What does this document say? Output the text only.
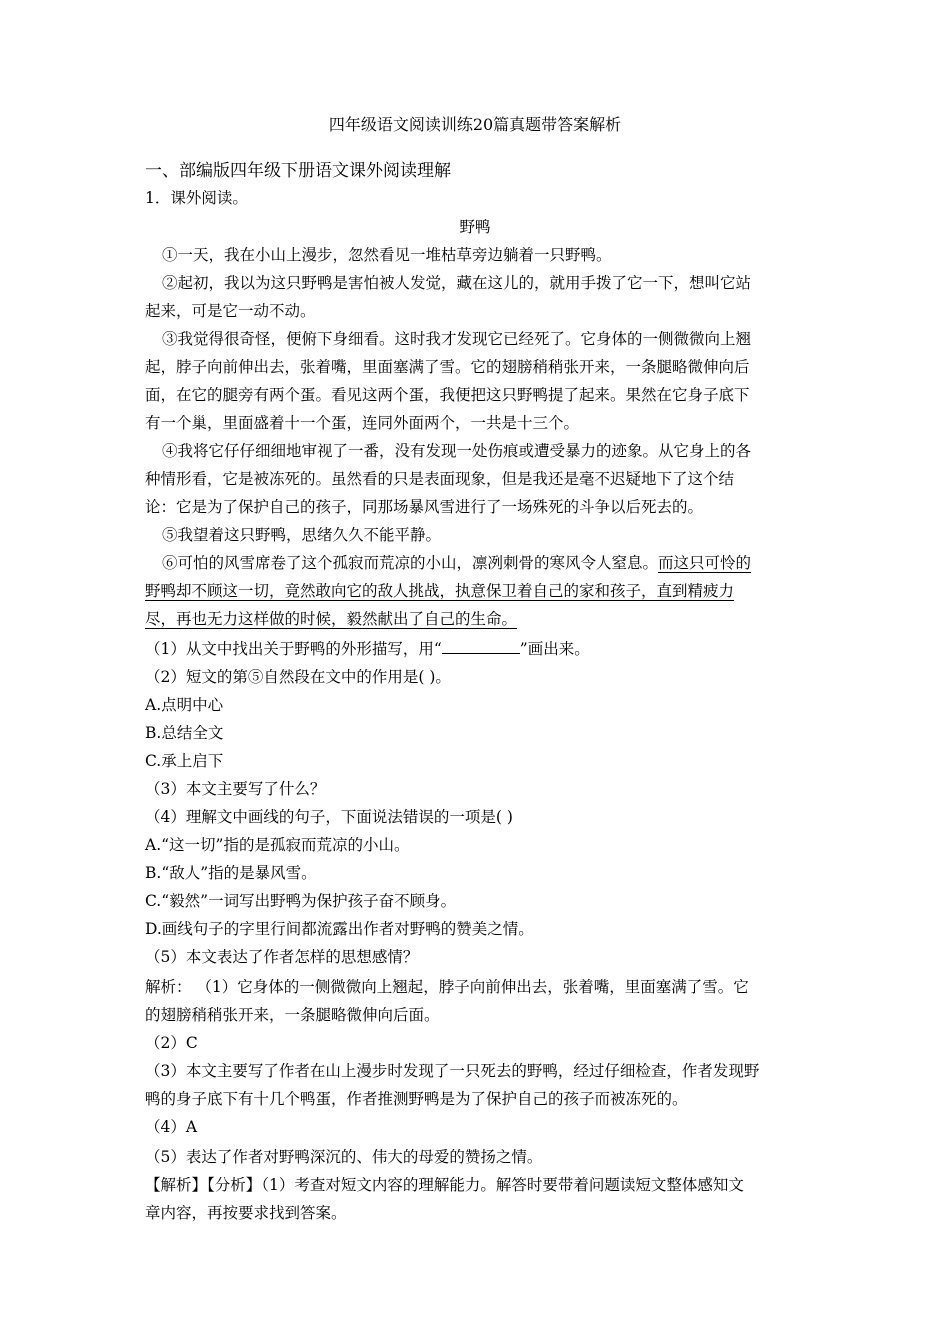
四年级语文阅读训练20篇真题带答案解析
一、部编版四年级下册语文课外阅读理解
1．课外阅读。
野鸭
①一天，我在小山上漫步，忽然看见一堆枯草旁边躺着一只野鸭。
②起初，我以为这只野鸭是害怕被人发觉，藏在这儿的，就用手拨了它一下，想叫它站
起来，可是它一动不动。
③我觉得很奇怪，便俯下身细看。这时我才发现它已经死了。它身体的一侧微微向上翘
起，脖子向前伸出去，张着嘴，里面塞满了雪。它的翅膀稍稍张开来，一条腿略微伸向后
面，在它的腿旁有两个蛋。看见这两个蛋，我便把这只野鸭提了起来。果然在它身子底下
有一个巢，里面盛着十一个蛋，连同外面两个，一共是十三个。
④我将它仔仔细细地审视了一番，没有发现一处伤痕或遭受暴力的迹象。从它身上的各
种情形看，它是被冻死的。虽然看的只是表面现象，但是我还是毫不迟疑地下了这个结
论：它是为了保护自己的孩子，同那场暴风雪进行了一场殊死的斗争以后死去的。
⑤我望着这只野鸭，思绪久久不能平静。
⑥可怕的风雪席卷了这个孤寂而荒凉的小山，凛冽刺骨的寒风令人窒息。而这只可怜的
野鸭却不顾这一切，竟然敢向它的敌人挑战，执意保卫着自己的家和孩子，直到精疲力
尽，再也无力这样做的时候，毅然献出了自己的生命。
（1）从文中找出关于野鸭的外形描写，用“	”画出来。
（2）短文的第⑤自然段在文中的作用是( )。
A.点明中心
B.总结全文
C.承上启下
（3）本文主要写了什么？
（4）理解文中画线的句子，下面说法错误的一项是( )
A.“这一切”指的是孤寂而荒凉的小山。
B.“敌人”指的是暴风雪。
C.“毅然”一词写出野鸭为保护孩子奋不顾身。
D.画线句子的字里行间都流露出作者对野鸭的赞美之情。
（5）本文表达了作者怎样的思想感情？
解析： （1）它身体的一侧微微向上翘起，脖子向前伸出去，张着嘴，里面塞满了雪。它
的翅膀稍稍张开来，一条腿略微伸向后面。
（2）C
（3）本文主要写了作者在山上漫步时发现了一只死去的野鸭，经过仔细检查，作者发现野
鸭的身子底下有十几个鸭蛋，作者推测野鸭是为了保护自己的孩子而被冻死的。
（4）A
（5）表达了作者对野鸭深沉的、伟大的母爱的赞扬之情。
【解析】【分析】（1）考查对短文内容的理解能力。解答时要带着问题读短文整体感知文
章内容，再按要求找到答案。
